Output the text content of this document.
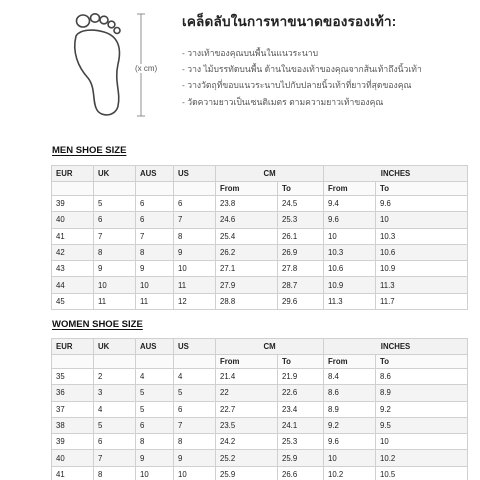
(x cm)
เคล็ดลับในการหาขนาดของรองเท้า:
- วางเท้าของคุณบนพื้นในแนวระนาบ
- วาง ไม้บรรทัดบนพื้น ด้านในของเท้าของคุณจากส้นเท้าถึงนิ้วเท้า
- วางวัตถุที่ขอบแนวระนาบไปกับปลายนิ้วเท้าที่ยาวที่สุดของคุณ
- วัดความยาวเป็นเซนติเมตร ตามความยาวเท้าของคุณ
MEN SHOE SIZE
EUR	UK	AUS	US	CM		INCHES	
				From	To	From	To
39	5	6	6	23.8	24.5	9.4	9.6
40	6	6	7	24.6	25.3	9.6	10
41	7	7	8	25.4	26.1	10	10.3
42	8	8	9	26.2	26.9	10.3	10.6
43	9	9	10	27.1	27.8	10.6	10.9
44	10	10	11	27.9	28.7	10.9	11.3
45	11	11	12	28.8	29.6	11.3	11.7
WOMEN SHOE SIZE
EUR	UK	AUS	US	CM		INCHES	
				From	To	From	To
35	2	4	4	21.4	21.9	8.4	8.6
36	3	5	5	22	22.6	8.6	8.9
37	4	5	6	22.7	23.4	8.9	9.2
38	5	6	7	23.5	24.1	9.2	9.5
39	6	8	8	24.2	25.3	9.6	10
40	7	9	9	25.2	25.9	10	10.2
41	8	10	10	25.9	26.6	10.2	10.5
